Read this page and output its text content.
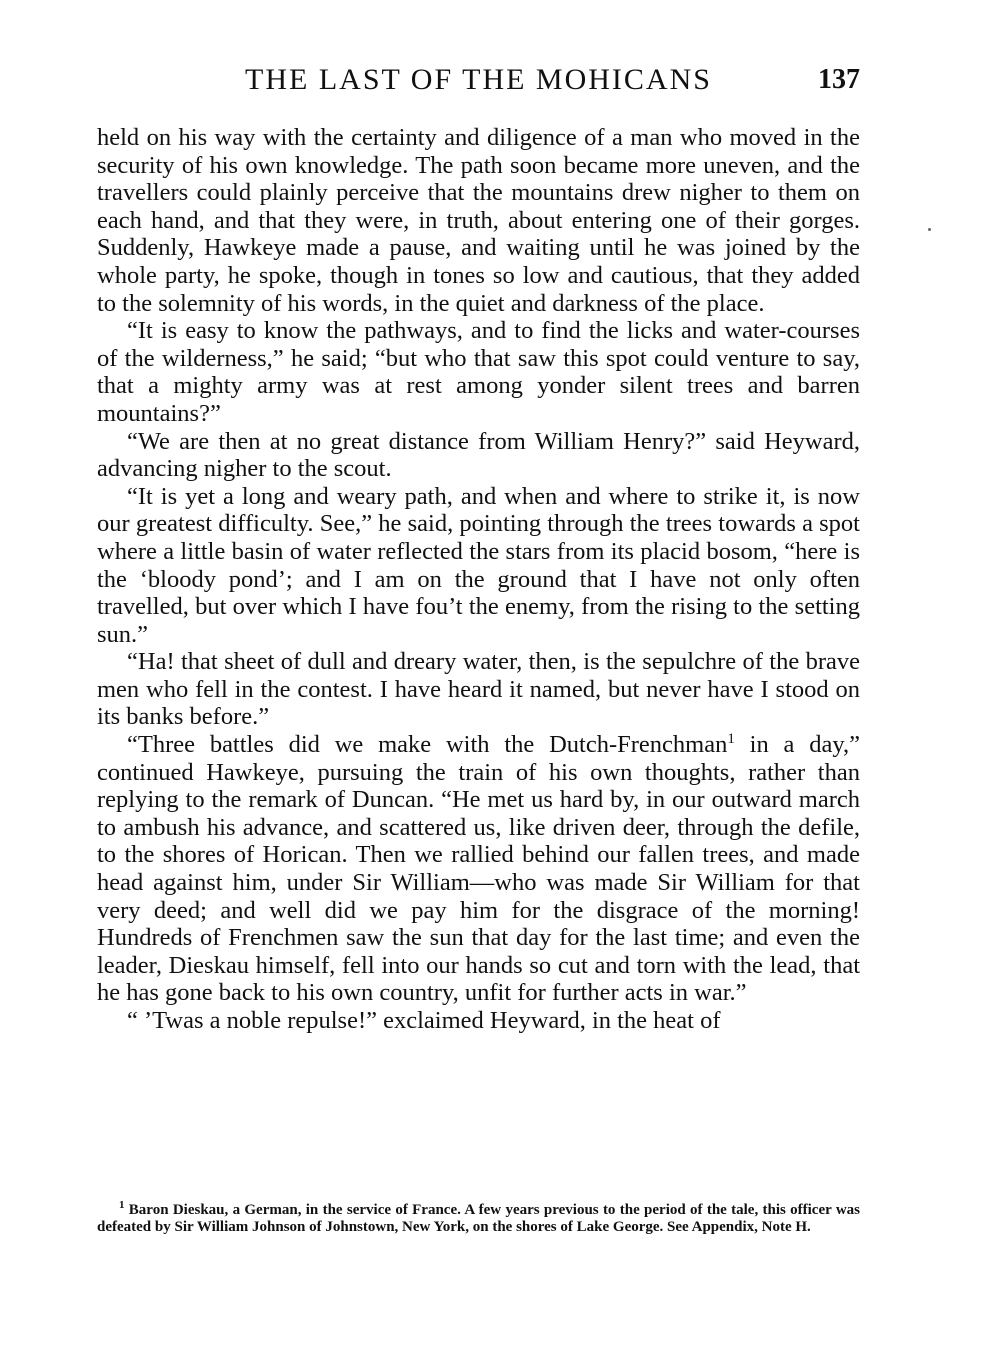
THE LAST OF THE MOHICANS	137

held on his way with the certainty and diligence of a man who moved in the security of his own knowledge. The path soon became more uneven, and the travellers could plainly perceive that the mountains drew nigher to them on each hand, and that they were, in truth, about entering one of their gorges. Suddenly, Hawkeye made a pause, and waiting until he was joined by the whole party, he spoke, though in tones so low and cautious, that they added to the solemnity of his words, in the quiet and darkness of the place.

“It is easy to know the pathways, and to find the licks and water-courses of the wilderness,” he said; “but who that saw this spot could venture to say, that a mighty army was at rest among yonder silent trees and barren mountains?”

“We are then at no great distance from William Henry?” said Heyward, advancing nigher to the scout.

“It is yet a long and weary path, and when and where to strike it, is now our greatest difficulty. See,” he said, pointing through the trees towards a spot where a little basin of water reflected the stars from its placid bosom, “here is the ‘bloody pond’; and I am on the ground that I have not only often travelled, but over which I have fou’t the enemy, from the rising to the setting sun.”

“Ha! that sheet of dull and dreary water, then, is the sepulchre of the brave men who fell in the contest. I have heard it named, but never have I stood on its banks before.”

“Three battles did we make with the Dutch-Frenchman$^1$ in a day,” continued Hawkeye, pursuing the train of his own thoughts, rather than replying to the remark of Duncan. “He met us hard by, in our outward march to ambush his advance, and scattered us, like driven deer, through the defile, to the shores of Horican. Then we rallied behind our fallen trees, and made head against him, under Sir William—who was made Sir William for that very deed; and well did we pay him for the disgrace of the morning! Hundreds of Frenchmen saw the sun that day for the last time; and even the leader, Dieskau himself, fell into our hands so cut and torn with the lead, that he has gone back to his own country, unfit for further acts in war.”

“ ’Twas a noble repulse!” exclaimed Heyward, in the heat of

$^1$ Baron Dieskau, a German, in the service of France. A few years previous to the period of the tale, this officer was defeated by Sir William Johnson of Johnstown, New York, on the shores of Lake George. See Appendix, Note H.
